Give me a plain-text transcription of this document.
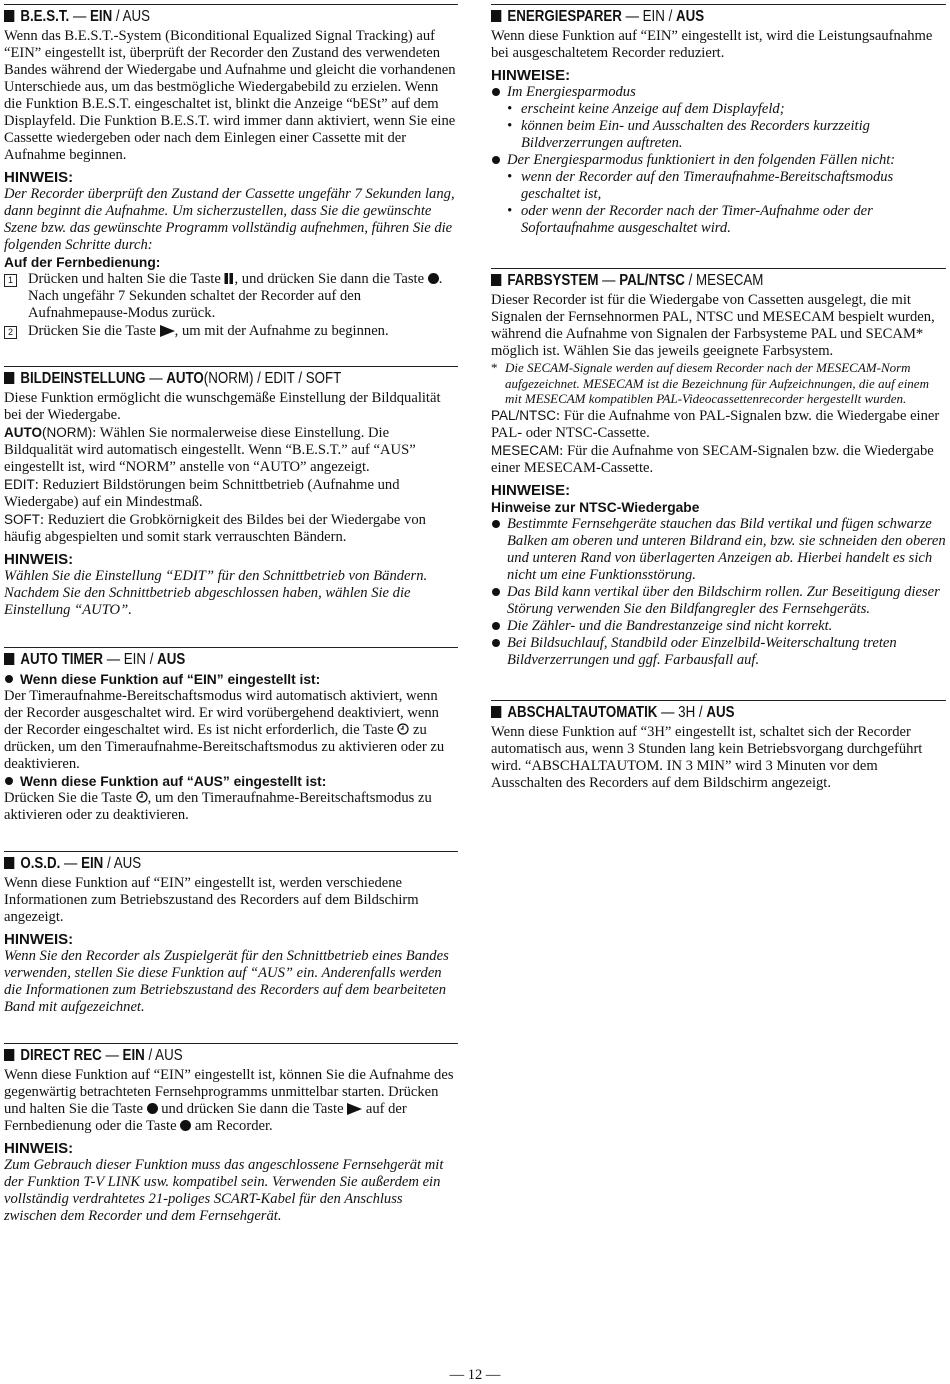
B.E.S.T. — EIN / AUS

Wenn das B.E.S.T.-System (Biconditional Equalized Signal Tracking) auf “EIN” eingestellt ist, überprüft der Recorder den Zustand des verwendeten Bandes während der Wiedergabe und Aufnahme und gleicht die vorhandenen Unterschiede aus, um das bestmögliche Wiedergabebild zu erzielen. Wenn die Funktion B.E.S.T. eingeschaltet ist, blinkt die Anzeige “bESt” auf dem Displayfeld. Die Funktion B.E.S.T. wird immer dann aktiviert, wenn Sie eine Cassette wiedergeben oder nach dem Einlegen einer Cassette mit der Aufnahme beginnen.

HINWEIS:

Der Recorder überprüft den Zustand der Cassette ungefähr 7 Sekunden lang, dann beginnt die Aufnahme. Um sicherzustellen, dass Sie die gewünschte Szene bzw. das gewünschte Programm vollständig aufnehmen, führen Sie die folgenden Schritte durch:

Auf der Fernbedienung:

1 Drücken und halten Sie die Taste , und drücken Sie dann die Taste . Nach ungefähr 7 Sekunden schaltet der Recorder auf den Aufnahmepause-Modus zurück.
2 Drücken Sie die Taste , um mit der Aufnahme zu beginnen.
BILDEINSTELLUNG — AUTO(NORM) / EDIT / SOFT

Diese Funktion ermöglicht die wunschgemäße Einstellung der Bildqualität bei der Wiedergabe.

AUTO(NORM): Wählen Sie normalerweise diese Einstellung. Die Bildqualität wird automatisch eingestellt. Wenn “B.E.S.T.” auf “AUS” eingestellt ist, wird “NORM” anstelle von “AUTO” angezeigt.

EDIT: Reduziert Bildstörungen beim Schnittbetrieb (Aufnahme und Wiedergabe) auf ein Mindestmaß.

SOFT: Reduziert die Grobkörnigkeit des Bildes bei der Wiedergabe von häufig abgespielten und somit stark verrauschten Bändern.

HINWEIS:

Wählen Sie die Einstellung “EDIT” für den Schnittbetrieb von Bändern. Nachdem Sie den Schnittbetrieb abgeschlossen haben, wählen Sie die Einstellung “AUTO”.

AUTO TIMER — EIN / AUS
Wenn diese Funktion auf “EIN” eingestellt ist:

Der Timeraufnahme-Bereitschaftsmodus wird automatisch aktiviert, wenn der Recorder ausgeschaltet wird. Er wird vorübergehend deaktiviert, wenn der Recorder eingeschaltet wird. Es ist nicht erforderlich, die Taste  zu drücken, um den Timeraufnahme-Bereitschaftsmodus zu aktivieren oder zu deaktivieren.

Wenn diese Funktion auf “AUS” eingestellt ist:

Drücken Sie die Taste , um den Timeraufnahme-Bereitschaftsmodus zu aktivieren oder zu deaktivieren.

O.S.D. — EIN / AUS

Wenn diese Funktion auf “EIN” eingestellt ist, werden verschiedene Informationen zum Betriebszustand des Recorders auf dem Bildschirm angezeigt.

HINWEIS:

Wenn Sie den Recorder als Zuspielgerät für den Schnittbetrieb eines Bandes verwenden, stellen Sie diese Funktion auf “AUS” ein. Anderenfalls werden die Informationen zum Betriebszustand des Recorders auf dem bearbeiteten Band mit aufgezeichnet.

DIRECT REC — EIN / AUS

Wenn diese Funktion auf “EIN” eingestellt ist, können Sie die Aufnahme des gegenwärtig betrachteten Fernsehprogramms unmittelbar starten. Drücken und halten Sie die Taste  und drücken Sie dann die Taste  auf der Fernbedienung oder die Taste  am Recorder.

HINWEIS:

Zum Gebrauch dieser Funktion muss das angeschlossene Fernsehgerät mit der Funktion T-V LINK usw. kompatibel sein. Verwenden Sie außerdem ein vollständig verdrahtetes 21-poliges SCART-Kabel für den Anschluss zwischen dem Recorder und dem Fernsehgerät.

ENERGIESPARER — EIN / AUS

Wenn diese Funktion auf “EIN” eingestellt ist, wird die Leistungsaufnahme bei ausgeschaltetem Recorder reduziert.

HINWEISE:

Im Energiesparmodus
• erscheint keine Anzeige auf dem Displayfeld;
• können beim Ein- und Ausschalten des Recorders kurzzeitig Bildverzerrungen auftreten.
Der Energiesparmodus funktioniert in den folgenden Fällen nicht:
• wenn der Recorder auf den Timeraufnahme-Bereitschaftsmodus geschaltet ist,
• oder wenn der Recorder nach der Timer-Aufnahme oder der Sofortaufnahme ausgeschaltet wird.
FARBSYSTEM — PAL/NTSC / MESECAM

Dieser Recorder ist für die Wiedergabe von Cassetten ausgelegt, die mit Signalen der Fernsehnormen PAL, NTSC und MESECAM bespielt wurden, während die Aufnahme von Signalen der Farbsysteme PAL und SECAM* möglich ist. Wählen Sie das jeweils geeignete Farbsystem.

* Die SECAM-Signale werden auf diesem Recorder nach der MESECAM-Norm aufgezeichnet. MESECAM ist die Bezeichnung für Aufzeichnungen, die auf einem mit MESECAM kompatiblen PAL-Videocassettenrecorder hergestellt wurden.

PAL/NTSC: Für die Aufnahme von PAL-Signalen bzw. die Wiedergabe einer PAL- oder NTSC-Cassette.

MESECAM: Für die Aufnahme von SECAM-Signalen bzw. die Wiedergabe einer MESECAM-Cassette.

HINWEISE:

Hinweise zur NTSC-Wiedergabe

Bestimmte Fernsehgeräte stauchen das Bild vertikal und fügen schwarze Balken am oberen und unteren Bildrand ein, bzw. sie schneiden den oberen und unteren Rand von überlagerten Anzeigen ab. Hierbei handelt es sich nicht um eine Funktionsstörung.
Das Bild kann vertikal über den Bildschirm rollen. Zur Beseitigung dieser Störung verwenden Sie den Bildfangregler des Fernsehgeräts.
Die Zähler- und die Bandrestanzeige sind nicht korrekt.
Bei Bildsuchlauf, Standbild oder Einzelbild-Weiterschaltung treten Bildverzerrungen und ggf. Farbausfall auf.
ABSCHALTAUTOMATIK — 3H / AUS

Wenn diese Funktion auf “3H” eingestellt ist, schaltet sich der Recorder automatisch aus, wenn 3 Stunden lang kein Betriebsvorgang durchgeführt wird. “ABSCHALTAUTOM. IN 3 MIN” wird 3 Minuten vor dem Ausschalten des Recorders auf dem Bildschirm angezeigt.

— 12 —
